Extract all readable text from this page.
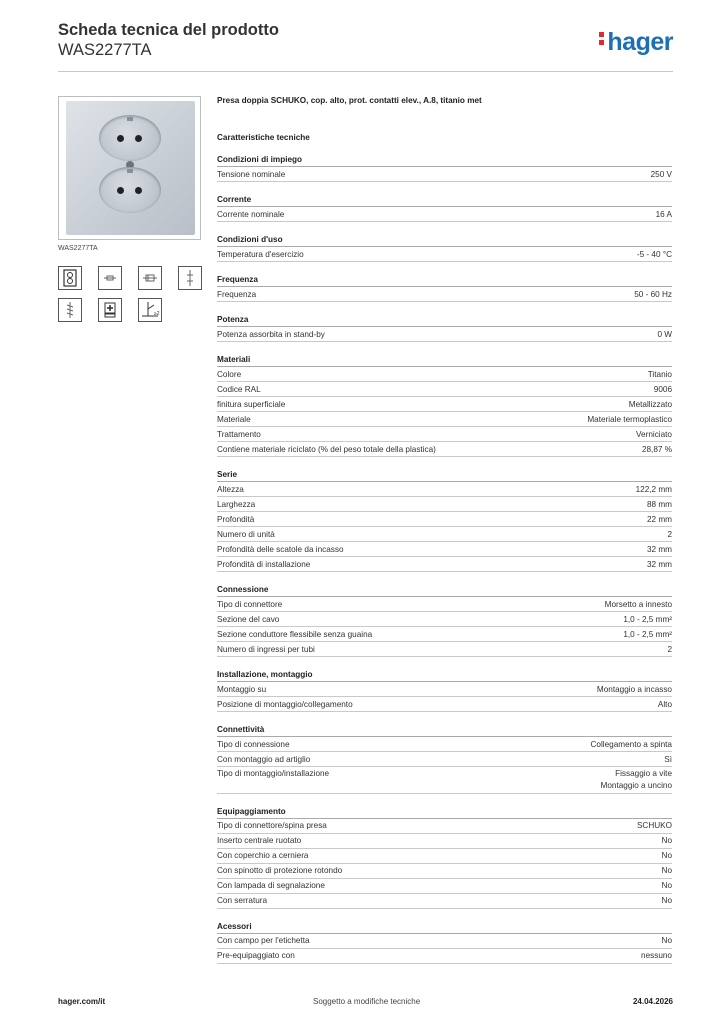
Scheda tecnica del prodotto
WAS2277TA	hager
WAS2277TA
≥2
Presa doppia SCHUKO, cop. alto, prot. contatti elev., A.8, titanio met
Caratteristiche tecniche
Condizioni di impiego
Tensione nominale	250 V
Corrente
Corrente nominale	16 A
Condizioni d'uso
Temperatura d'esercizio	-5 - 40 °C
Frequenza
Frequenza	50 - 60 Hz
Potenza
Potenza assorbita in stand-by	0 W
Materiali
Colore	Titanio
Codice RAL	9006
finitura superficiale	Metallizzato
Materiale	Materiale termoplastico
Trattamento	Verniciato
Contiene materiale riciclato (% del peso totale della plastica)	28,87 %
Serie
Altezza	122,2 mm
Larghezza	88 mm
Profondità	22 mm
Numero di unità	2
Profondità delle scatole da incasso	32 mm
Profondità di installazione	32 mm
Connessione
Tipo di connettore	Morsetto a innesto
Sezione del cavo	1,0 - 2,5 mm²
Sezione conduttore flessibile senza guaina	1,0 - 2,5 mm²
Numero di ingressi per tubi	2
Installazione, montaggio
Montaggio su	Montaggio a incasso
Posizione di montaggio/collegamento	Alto
Connettività
Tipo di connessione	Collegamento a spinta
Con montaggio ad artiglio	Sì
Tipo di montaggio/installazione	Fissaggio a vite
Montaggio a uncino
Equipaggiamento
Tipo di connettore/spina presa	SCHUKO
Inserto centrale ruotato	No
Con coperchio a cerniera	No
Con spinotto di protezione rotondo	No
Con lampada di segnalazione	No
Con serratura	No
Acessori
Con campo per l'etichetta	No
Pre-equipaggiato con	nessuno
hager.com/it	Soggetto a modifiche tecniche	24.04.2026
